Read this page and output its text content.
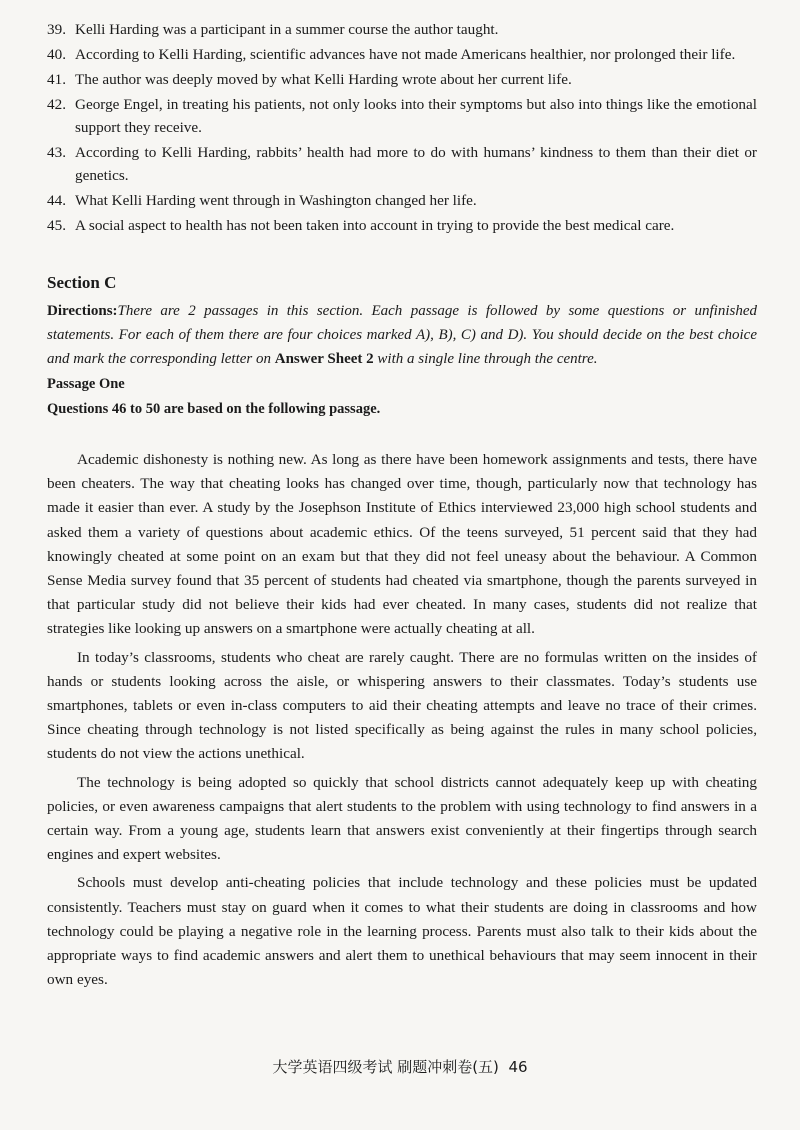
39. Kelli Harding was a participant in a summer course the author taught.

40. According to Kelli Harding, scientific advances have not made Americans healthier, nor prolonged their life.

41. The author was deeply moved by what Kelli Harding wrote about her current life.

42. George Engel, in treating his patients, not only looks into their symptoms but also into things like the emotional support they receive.

43. According to Kelli Harding, rabbits’ health had more to do with humans’ kindness to them than their diet or genetics.

44. What Kelli Harding went through in Washington changed her life.

45. A social aspect to health has not been taken into account in trying to provide the best medical care.

Section C

Directions:There are 2 passages in this section. Each passage is followed by some questions or unfinished statements. For each of them there are four choices marked A), B), C) and D). You should decide on the best choice and mark the corresponding letter on Answer Sheet 2 with a single line through the centre.

Passage One
Questions 46 to 50 are based on the following passage.

Academic dishonesty is nothing new. As long as there have been homework assignments and tests, there have been cheaters. The way that cheating looks has changed over time, though, particularly now that technology has made it easier than ever. A study by the Josephson Institute of Ethics interviewed 23,000 high school students and asked them a variety of questions about academic ethics. Of the teens surveyed, 51 percent said that they had knowingly cheated at some point on an exam but that they did not feel uneasy about the behaviour. A Common Sense Media survey found that 35 percent of students had cheated via smartphone, though the parents surveyed in that particular study did not believe their kids had ever cheated. In many cases, students did not realize that strategies like looking up answers on a smartphone were actually cheating at all.

In today’s classrooms, students who cheat are rarely caught. There are no formulas written on the insides of hands or students looking across the aisle, or whispering answers to their classmates. Today’s students use smartphones, tablets or even in-class computers to aid their cheating attempts and leave no trace of their crimes. Since cheating through technology is not listed specifically as being against the rules in many school policies, students do not view the actions unethical.

The technology is being adopted so quickly that school districts cannot adequately keep up with cheating policies, or even awareness campaigns that alert students to the problem with using technology to find answers in a certain way. From a young age, students learn that answers exist conveniently at their fingertips through search engines and expert websites.

Schools must develop anti-cheating policies that include technology and these policies must be updated consistently. Teachers must stay on guard when it comes to what their students are doing in classrooms and how technology could be playing a negative role in the learning process. Parents must also talk to their kids about the appropriate ways to find academic answers and alert them to unethical behaviours that may seem innocent in their own eyes.

大学英语四级考试 刷题冲刺卷(五) 46
